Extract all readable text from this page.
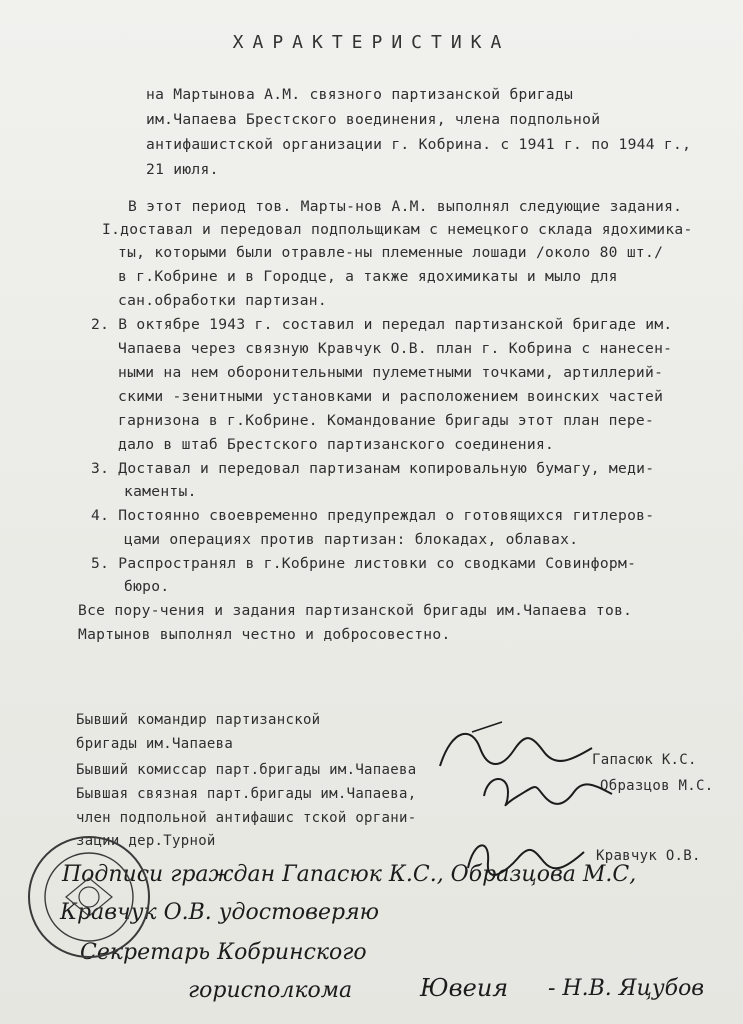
ХАРАКТЕРИСТИКА
на Мартынова А.М. связного партизанской бригады
им.Чапаева Брестского воединения, члена подпольной
антифашистской организации г. Кобрина. с 1941 г. по 1944 г.,
21 июля.
В этот период тов. Марты-нов А.М. выполнял следующие задания.
I.доставал и передовал подпольщикам с немецкого склада ядохимика-
ты, которыми были отравле-ны племенные лошади /около 80 шт./
в г.Кобрине и в Городце, а также ядохимикаты и мыло для
сан.обработки партизан.
2. В октябре 1943 г. составил и передал партизанской бригаде им.
Чапаева через связную Кравчук О.В. план г. Кобрина с нанесен-
ными на нем оборонительными пулеметными точками, артиллерий-
скими -зенитными установками и расположением воинских частей
гарнизона в г.Кобрине. Командование бригады этот план пере-
дало в штаб Брестского партизанского соединения.
3. Доставал и передовал партизанам копировальную бумагу, меди-
каменты.
4. Постоянно своевременно предупреждал о готовящихся гитлеров-
цами операциях против партизан: блокадах, облавах.
5. Распространял в г.Кобрине листовки со сводками Совинформ-
бюро.
Все пору-чения и задания партизанской бригады им.Чапаева тов.
Мартынов выполнял честно и добросовестно.
Бывший командир партизанской
бригады им.Чапаева
Бывший комиссар парт.бригады им.Чапаева
Бывшая связная парт.бригады им.Чапаева,
член подпольной антифашис тской органи-
зации дер.Турной
Гапасюк К.С.
Образцов М.С.
Кравчук О.В.
Подписи граждан Гапасюк К.С., Образцова М.С,
Кравчук О.В. удостоверяю
Секретарь Кобринского
горисполкома	Ювеия - Н.В. Яцубов
